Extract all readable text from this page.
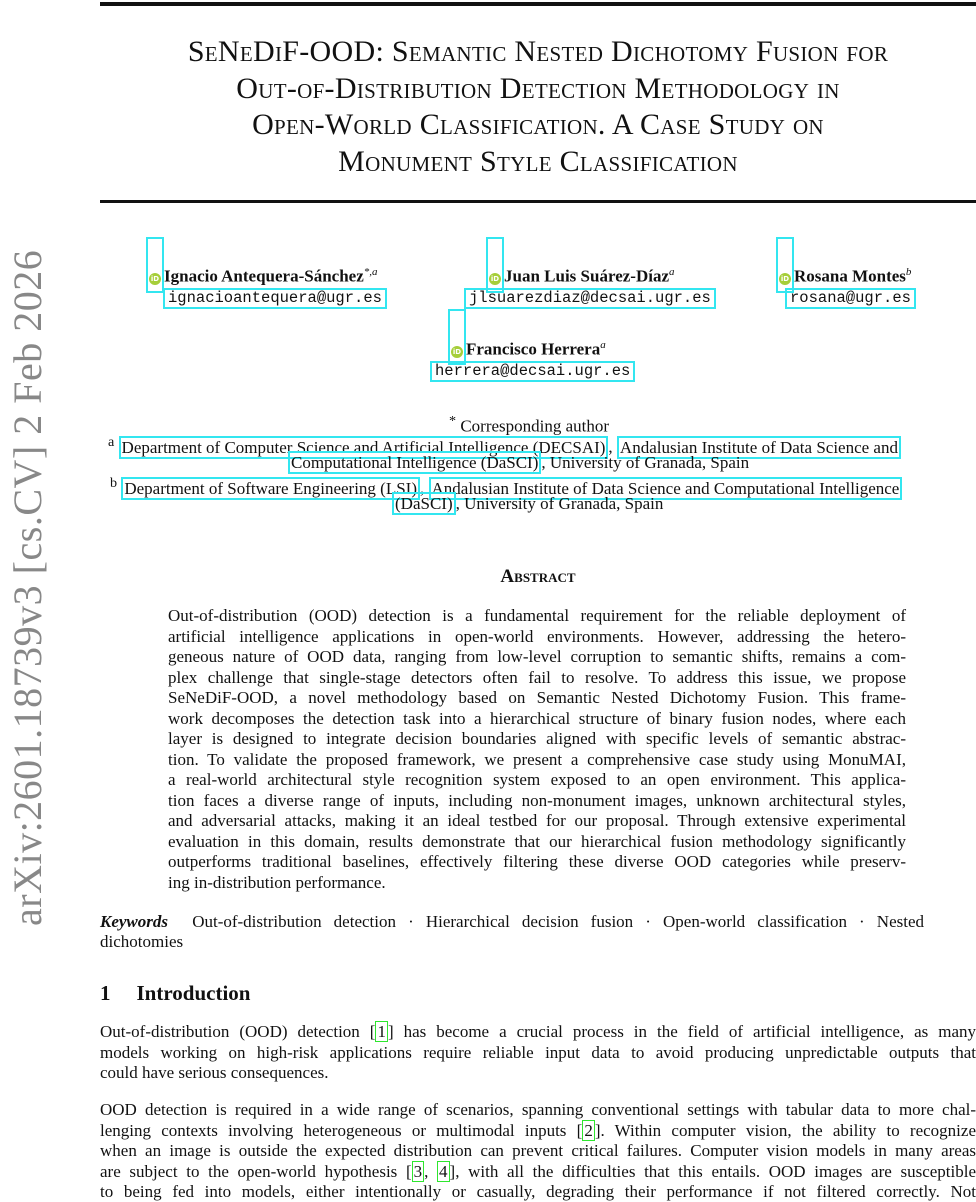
arXiv:2601.18739v3 [cs.CV] 2 Feb 2026
SeNeDiF-OOD: Semantic Nested Dichotomy Fusion for
Out-of-Distribution Detection Methodology in
Open-World Classification. A Case Study on
Monument Style Classification
iD Ignacio Antequera-Sánchez$^{*,a}$
ignacioantequera@ugr.es
iD Juan Luis Suárez-Díaz$^a$
jlsuarezdiaz@decsai.ugr.es
iD Rosana Montes$^b$
rosana@ugr.es
iD Francisco Herrera$^a$
herrera@decsai.ugr.es
* Corresponding author
$^a$ Department of Computer Science and Artificial Intelligence (DECSAI) , Andalusian Institute of Data Science and
Computational Intelligence (DaSCI) , University of Granada, Spain
$^b$ Department of Software Engineering (LSI) , Andalusian Institute of Data Science and Computational Intelligence
(DaSCI) , University of Granada, Spain
Abstract
Out-of-distribution (OOD) detection is a fundamental requirement for the reliable deployment of
artificial intelligence applications in open-world environments. However, addressing the hetero-
geneous nature of OOD data, ranging from low-level corruption to semantic shifts, remains a com-
plex challenge that single-stage detectors often fail to resolve. To address this issue, we propose
SeNeDiF-OOD, a novel methodology based on Semantic Nested Dichotomy Fusion. This frame-
work decomposes the detection task into a hierarchical structure of binary fusion nodes, where each
layer is designed to integrate decision boundaries aligned with specific levels of semantic abstrac-
tion. To validate the proposed framework, we present a comprehensive case study using MonuMAI,
a real-world architectural style recognition system exposed to an open environment. This applica-
tion faces a diverse range of inputs, including non-monument images, unknown architectural styles,
and adversarial attacks, making it an ideal testbed for our proposal. Through extensive experimental
evaluation in this domain, results demonstrate that our hierarchical fusion methodology significantly
outperforms traditional baselines, effectively filtering these diverse OOD categories while preserv-
ing in-distribution performance.
Keywords Out-of-distribution detection · Hierarchical decision fusion · Open-world classification · Nested
dichotomies
1 Introduction
Out-of-distribution (OOD) detection [ 1 ] has become a crucial process in the field of artificial intelligence, as many
models working on high-risk applications require reliable input data to avoid producing unpredictable outputs that
could have serious consequences.
OOD detection is required in a wide range of scenarios, spanning conventional settings with tabular data to more chal-
lenging contexts involving heterogeneous or multimodal inputs [ 2 ]. Within computer vision, the ability to recognize
when an image is outside the expected distribution can prevent critical failures. Computer vision models in many areas
are subject to the open-world hypothesis [ 3 , 4 ], with all the difficulties that this entails. OOD images are susceptible
to being fed into models, either intentionally or casually, degrading their performance if not filtered correctly. Not
